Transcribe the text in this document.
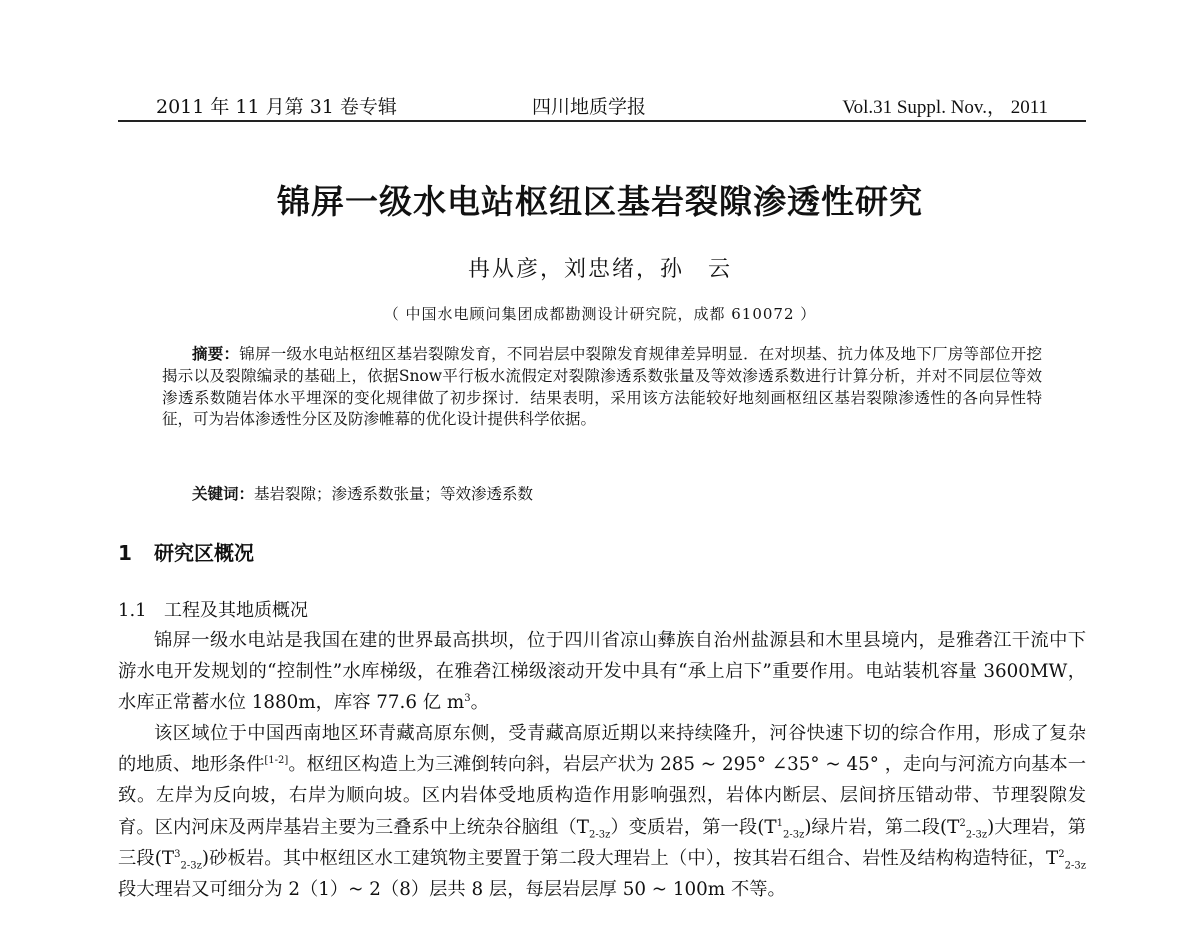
2011 年 11 月第 31 卷专辑	四川地质学报	Vol.31 Suppl. Nov.， 2011
锦屏一级水电站枢纽区基岩裂隙渗透性研究
冉从彦，刘忠绪，孙　云
（ 中国水电顾问集团成都勘测设计研究院，成都 610072 ）
摘要：锦屏一级水电站枢纽区基岩裂隙发育，不同岩层中裂隙发育规律差异明显．在对坝基、抗力体及地下厂房等部位开挖揭示以及裂隙编录的基础上，依据Snow平行板水流假定对裂隙渗透系数张量及等效渗透系数进行计算分析，并对不同层位等效渗透系数随岩体水平埋深的变化规律做了初步探讨．结果表明，采用该方法能较好地刻画枢纽区基岩裂隙渗透性的各向异性特征，可为岩体渗透性分区及防渗帷幕的优化设计提供科学依据。
关键词：基岩裂隙；渗透系数张量；等效渗透系数
1 研究区概况
1.1 工程及其地质概况

锦屏一级水电站是我国在建的世界最高拱坝，位于四川省凉山彝族自治州盐源县和木里县境内，是雅砻江干流中下游水电开发规划的“控制性”水库梯级，在雅砻江梯级滚动开发中具有“承上启下”重要作用。电站装机容量 3600MW，水库正常蓄水位 1880m，库容 77.6 亿 $m^3$。

该区域位于中国西南地区环青藏高原东侧，受青藏高原近期以来持续隆升，河谷快速下切的综合作用，形成了复杂的地质、地形条件[1-2]。枢纽区构造上为三滩倒转向斜，岩层产状为 285 ~ 295° ∠35° ~ 45° ，走向与河流方向基本一致。左岸为反向坡，右岸为顺向坡。区内岩体受地质构造作用影响强烈，岩体内断层、层间挤压错动带、节理裂隙发育。区内河床及两岸基岩主要为三叠系中上统杂谷脑组$(T_{2-3z})$变质岩，第一段$(T^1_{2-3z})$绿片岩，第二段$(T^2_{2-3z})$大理岩，第三段$(T^3_{2-3z})$砂板岩。其中枢纽区水工建筑物主要置于第二段大理岩上（中），按其岩石组合、岩性及结构构造特征，$T^2_{2-3z}$段大理岩又可细分为 2（1）~ 2（8）层共 8 层，每层岩层厚 50 ~ 100m 不等。
